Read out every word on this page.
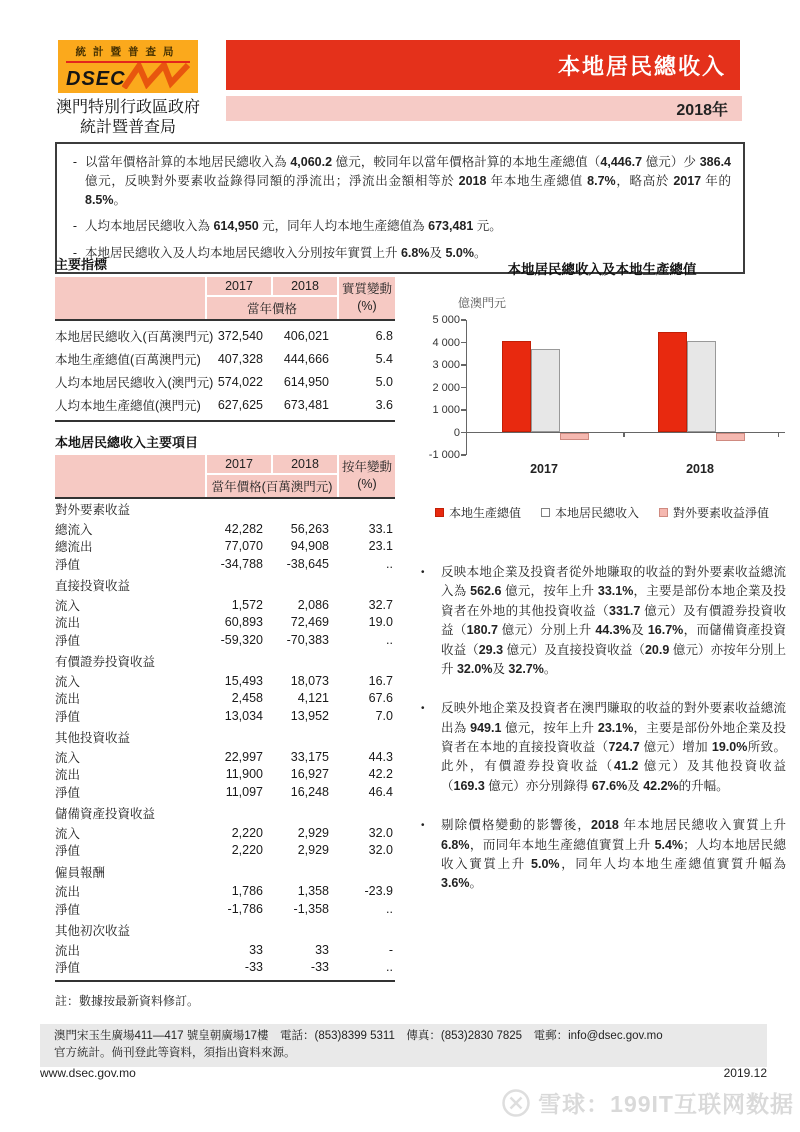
統計暨普查局
DSEC
澳門特別行政區政府
統計暨普查局
本地居民總收入
2018年
- 以當年價格計算的本地居民總收入為 4,060.2 億元，較同年以當年價格計算的本地生產總值（4,446.7 億元）少 386.4 億元，反映對外要素收益錄得同額的淨流出；淨流出金額相等於 2018 年本地生產總值 8.7%，略高於 2017 年的 8.5%。
- 人均本地居民總收入為 614,950 元，同年人均本地生產總值為 673,481 元。
- 本地居民總收入及人均本地居民總收入分別按年實質上升 6.8%及 5.0%。
主要指標
2017	2018
當年價格
實質變動
(%)
本地居民總收入(百萬澳門元) 372,540	406,021	6.8
本地生產總值(百萬澳門元)	407,328	444,666	5.4
人均本地居民總收入(澳門元) 574,022	614,950	5.0
人均本地生產總值(澳門元)	627,625	673,481	3.6
本地居民總收入主要項目
2017	2018
當年價格(百萬澳門元)
按年變動
(%)
對外要素收益
總流入	42,282	56,263	33.1
總流出	77,070	94,908	23.1
淨值	-34,788	-38,645	..
直接投資收益
流入	1,572	2,086	32.7
流出	60,893	72,469	19.0
淨值	-59,320	-70,383	..
有價證券投資收益
流入	15,493	18,073	16.7
流出	2,458	4,121	67.6
淨值	13,034	13,952	7.0
其他投資收益
流入	22,997	33,175	44.3
流出	11,900	16,927	42.2
淨值	11,097	16,248	46.4
儲備資產投資收益
流入	2,220	2,929	32.0
淨值	2,220	2,929	32.0
僱員報酬
流出	1,786	1,358	-23.9
淨值	-1,786	-1,358	..
其他初次收益
流出	33	33	-
淨值	-33	-33	..
註：數據按最新資料修訂。
本地居民總收入及本地生產總值
億澳門元
5 000
4 000
3 000
2 000
1 000
0
-1 000
2017	2018
本地生產總值	本地居民總收入	對外要素收益淨值
•	反映本地企業及投資者從外地賺取的收益的對外要素收益總流入為 562.6 億元，按年上升 33.1%，主要是部份本地企業及投資者在外地的其他投資收益（331.7 億元）及有價證券投資收益（180.7 億元）分別上升 44.3%及 16.7%，而儲備資產投資收益（29.3 億元）及直接投資收益（20.9 億元）亦按年分別上升 32.0%及 32.7%。
•	反映外地企業及投資者在澳門賺取的收益的對外要素收益總流出為 949.1 億元，按年上升 23.1%，主要是部份外地企業及投資者在本地的直接投資收益（724.7 億元）增加 19.0%所致。此外，有價證券投資收益（41.2 億元）及其他投資收益（169.3 億元）亦分別錄得 67.6%及 42.2%的升幅。
•	剔除價格變動的影響後，2018 年本地居民總收入實質上升 6.8%，而同年本地生產總值實質上升 5.4%；人均本地居民總收入實質上升 5.0%，同年人均本地生產總值實質升幅為 3.6%。
澳門宋玉生廣場411—417 號皇朝廣場17樓　電話：(853)8399 5311　傳真：(853)2830 7825　電郵：info@dsec.gov.mo
官方統計。倘刊登此等資料，須指出資料來源。
www.dsec.gov.mo	2019.12
雪球：199IT互联网数据
